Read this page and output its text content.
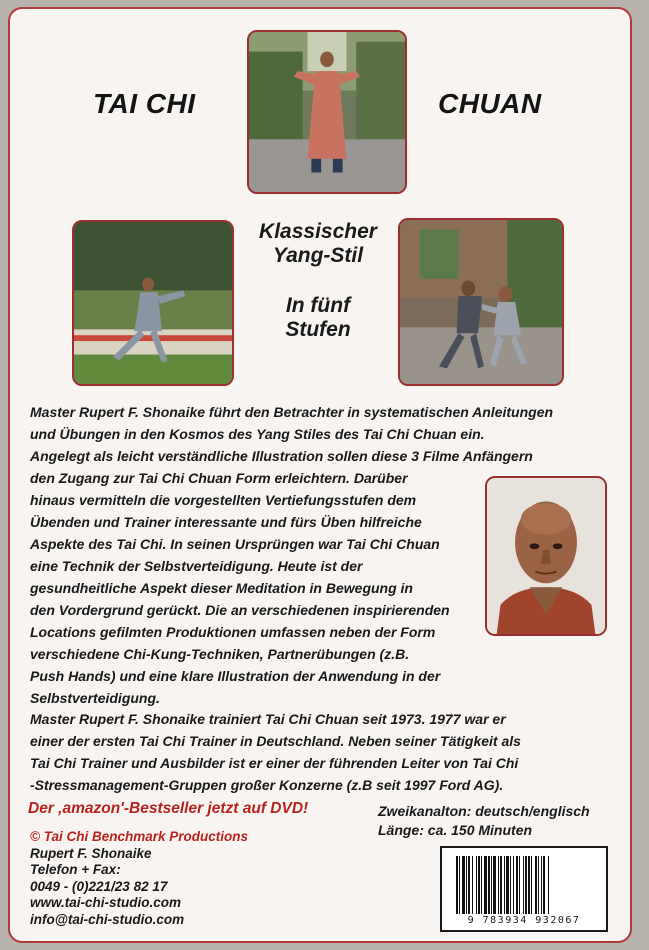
TAI CHI	CHUAN
Klassischer
Yang-Stil
In fünf
Stufen
Master Rupert F. Shonaike führt den Betrachter in systematischen Anleitungen
und Übungen in den Kosmos des Yang Stiles des Tai Chi Chuan ein.
Angelegt als leicht verständliche Illustration sollen diese 3 Filme Anfängern
den Zugang zur Tai Chi Chuan Form erleichtern. Darüber
hinaus vermitteln die vorgestellten Vertiefungsstufen dem
Übenden und Trainer interessante und fürs Üben hilfreiche
Aspekte des Tai Chi. In seinen Ursprüngen war Tai Chi Chuan
eine Technik der Selbstverteidigung. Heute ist der
gesundheitliche Aspekt dieser Meditation in Bewegung in
den Vordergrund gerückt. Die an verschiedenen inspirierenden
Locations gefilmten Produktionen umfassen neben der Form
verschiedene Chi-Kung-Techniken, Partnerübungen (z.B.
Push Hands) und eine klare Illustration der Anwendung in der
Selbstverteidigung.
Master Rupert F. Shonaike trainiert Tai Chi Chuan seit 1973. 1977 war er
einer der ersten Tai Chi Trainer in Deutschland. Neben seiner Tätigkeit als
Tai Chi Trainer und Ausbilder ist er einer der führenden Leiter von Tai Chi
-Stressmanagement-Gruppen großer Konzerne (z.B seit 1997 Ford AG).
Der ‚amazon'-Bestseller jetzt auf DVD!	Zweikanalton: deutsch/englisch
Länge: ca. 150 Minuten
© Tai Chi Benchmark Productions
Rupert F. Shonaike
Telefon + Fax:
0049 - (0)221/23 82 17
www.tai-chi-studio.com
info@tai-chi-studio.com	9 783934 932067
